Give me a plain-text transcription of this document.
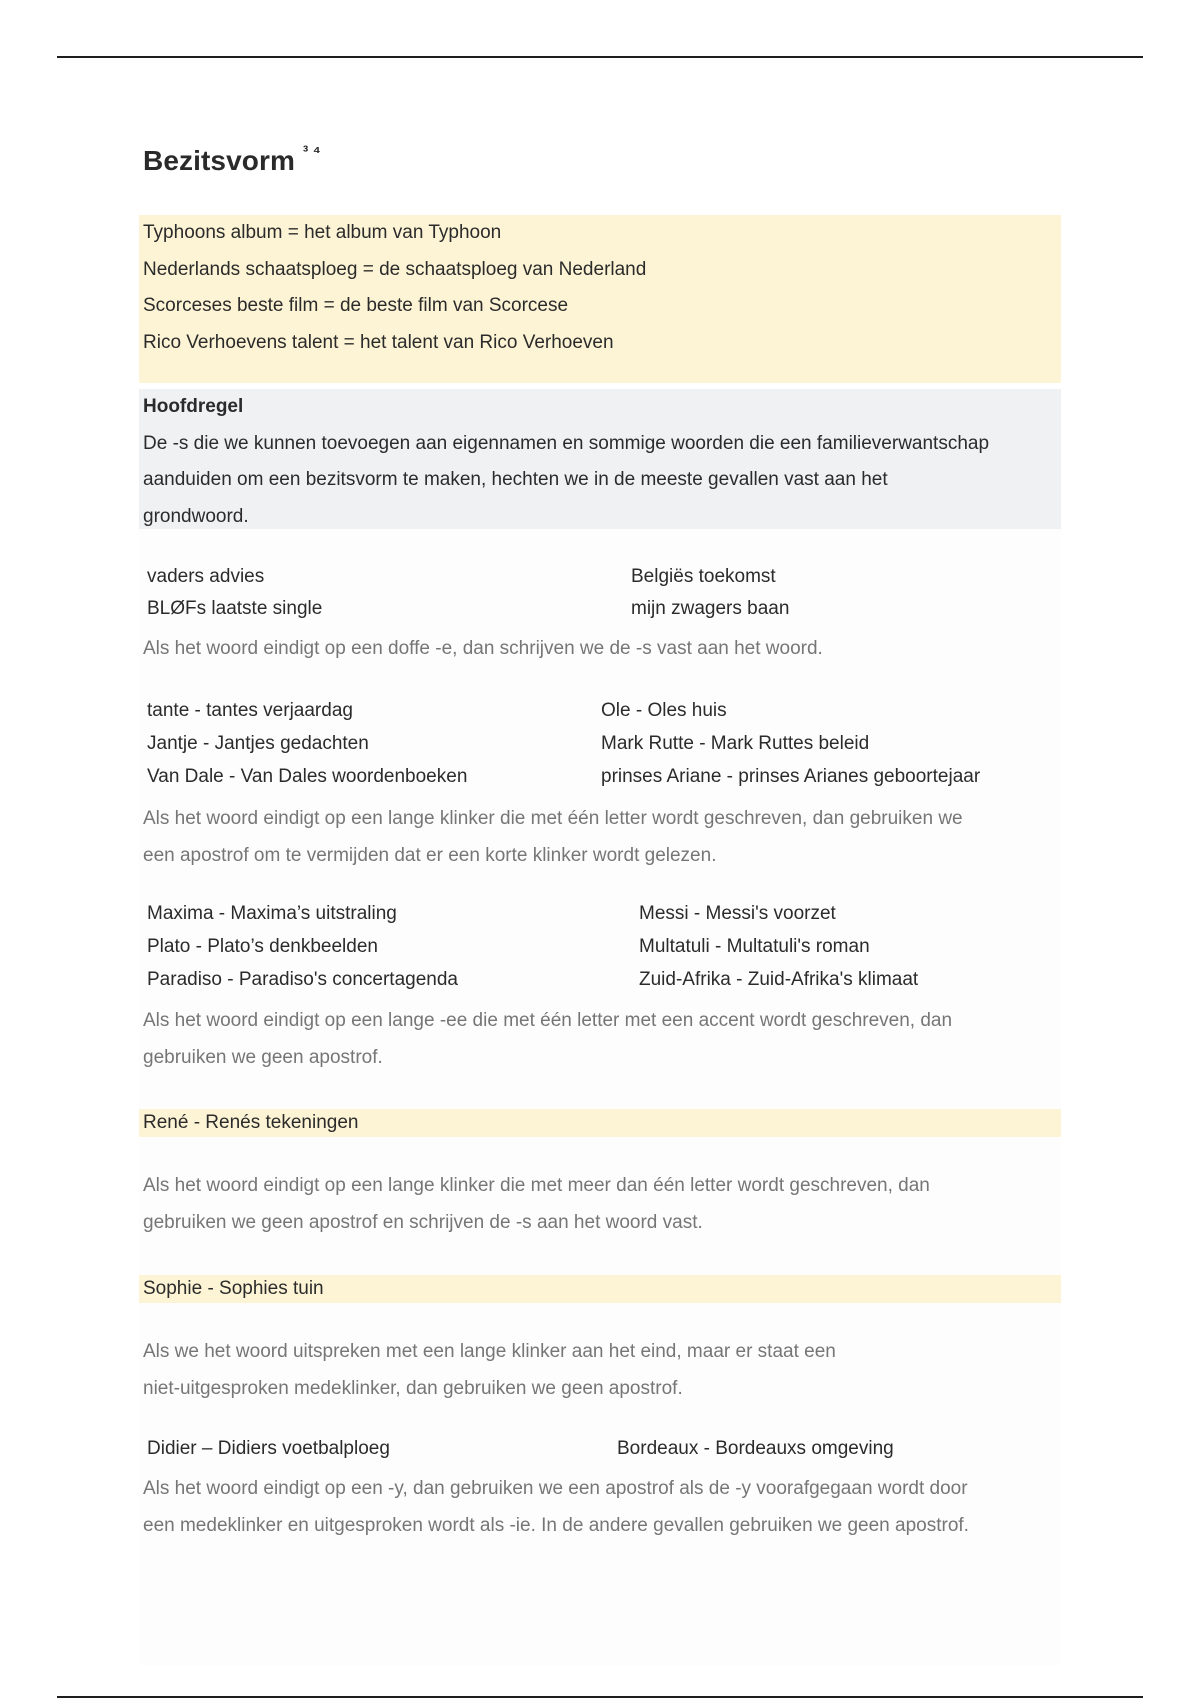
Bezitsvorm $^{^3 ^4}$
Typhoons album = het album van Typhoon
Nederlands schaatsploeg = de schaatsploeg van Nederland
Scorceses beste film = de beste film van Scorcese
Rico Verhoevens talent = het talent van Rico Verhoeven
Hoofdregel
De -s die we kunnen toevoegen aan eigennamen en sommige woorden die een familieverwantschap
aanduiden om een bezitsvorm te maken, hechten we in de meeste gevallen vast aan het
grondwoord.
vaders advies
BLØFs laatste single
Belgiës toekomst
mijn zwagers baan
Als het woord eindigt op een doffe -e, dan schrijven we de -s vast aan het woord.
tante - tantes verjaardag
Jantje - Jantjes gedachten
Van Dale - Van Dales woordenboeken
Ole - Oles huis
Mark Rutte - Mark Ruttes beleid
prinses Ariane - prinses Arianes geboortejaar
Als het woord eindigt op een lange klinker die met één letter wordt geschreven, dan gebruiken we
een apostrof om te vermijden dat er een korte klinker wordt gelezen.
Maxima - Maxima’s uitstraling
Plato - Plato’s denkbeelden
Paradiso - Paradiso's concertagenda
Messi - Messi's voorzet
Multatuli - Multatuli's roman
Zuid-Afrika - Zuid-Afrika's klimaat
Als het woord eindigt op een lange -ee die met één letter met een accent wordt geschreven, dan
gebruiken we geen apostrof.
René - Renés tekeningen
Als het woord eindigt op een lange klinker die met meer dan één letter wordt geschreven, dan
gebruiken we geen apostrof en schrijven de -s aan het woord vast.
Sophie - Sophies tuin
Als we het woord uitspreken met een lange klinker aan het eind, maar er staat een
niet-uitgesproken medeklinker, dan gebruiken we geen apostrof.
Didier – Didiers voetbalploeg	Bordeaux - Bordeauxs omgeving
Als het woord eindigt op een -y, dan gebruiken we een apostrof als de -y voorafgegaan wordt door
een medeklinker en uitgesproken wordt als -ie. In de andere gevallen gebruiken we geen apostrof.
